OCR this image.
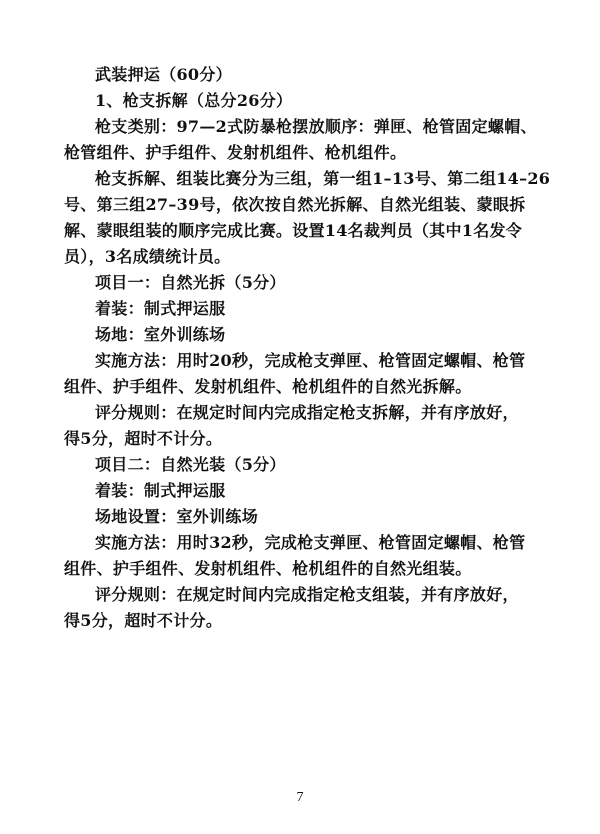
武装押运（60分）
1、枪支拆解（总分26分）
枪支类别：97—2式防暴枪摆放顺序：弹匣、枪管固定螺帽、
枪管组件、护手组件、发射机组件、枪机组件。
枪支拆解、组装比赛分为三组，第一组1–13号、第二组14–26
号、第三组27–39号，依次按自然光拆解、自然光组装、蒙眼拆
解、蒙眼组装的顺序完成比赛。设置14名裁判员（其中1名发令
员），3名成绩统计员。
项目一：自然光拆（5分）
着装：制式押运服
场地：室外训练场
实施方法：用时20秒，完成枪支弹匣、枪管固定螺帽、枪管
组件、护手组件、发射机组件、枪机组件的自然光拆解。
评分规则：在规定时间内完成指定枪支拆解，并有序放好，
得5分，超时不计分。
项目二：自然光装（5分）
着装：制式押运服
场地设置：室外训练场
实施方法：用时32秒，完成枪支弹匣、枪管固定螺帽、枪管
组件、护手组件、发射机组件、枪机组件的自然光组装。
评分规则：在规定时间内完成指定枪支组装，并有序放好，
得5分，超时不计分。
7
